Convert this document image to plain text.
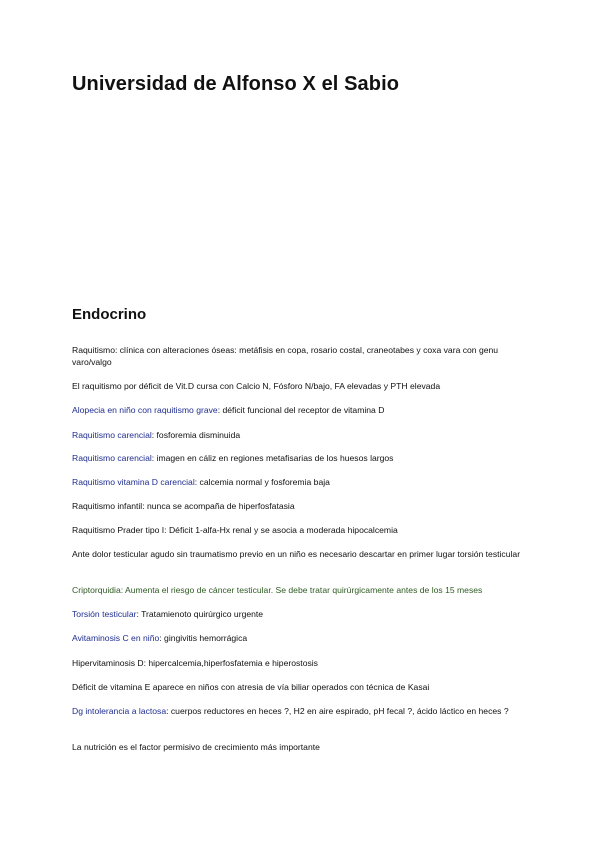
Universidad de Alfonso X el Sabio
Endocrino
Raquitismo: clínica con alteraciones óseas: metáfisis en copa, rosario costal, craneotabes y coxa vara con genu varo/valgo
El raquitismo por déficit de Vit.D cursa con Calcio N, Fósforo N/bajo, FA elevadas y PTH elevada
Alopecia en niño con raquitismo grave: déficit funcional del receptor de vitamina D
Raquitismo carencial: fosforemia disminuida
Raquitismo carencial: imagen en cáliz en regiones metafisarias de los huesos largos
Raquitismo vitamina D carencial: calcemia normal y fosforemia baja
Raquitismo infantil: nunca se acompaña de hiperfosfatasia
Raquitismo Prader tipo I: Déficit 1-alfa-Hx renal y se asocia a moderada hipocalcemia
Ante dolor testicular agudo sin traumatismo previo en un niño es necesario descartar en primer lugar torsión testicular
Criptorquidia: Aumenta el riesgo de cáncer testicular. Se debe tratar quirúrgicamente antes de los 15 meses
Torsión testicular: Tratamienoto quirúrgico urgente
Avitaminosis C en niño: gingivitis hemorrágica
Hipervitaminosis D: hipercalcemia,hiperfosfatemia e hiperostosis
Déficit de vitamina E aparece en niños con atresia de vía biliar operados con técnica de Kasai
Dg intolerancia a lactosa: cuerpos reductores en heces ?, H2 en aire espirado, pH fecal ?, ácido láctico en heces ?
La nutrición es el factor permisivo de crecimiento más importante
